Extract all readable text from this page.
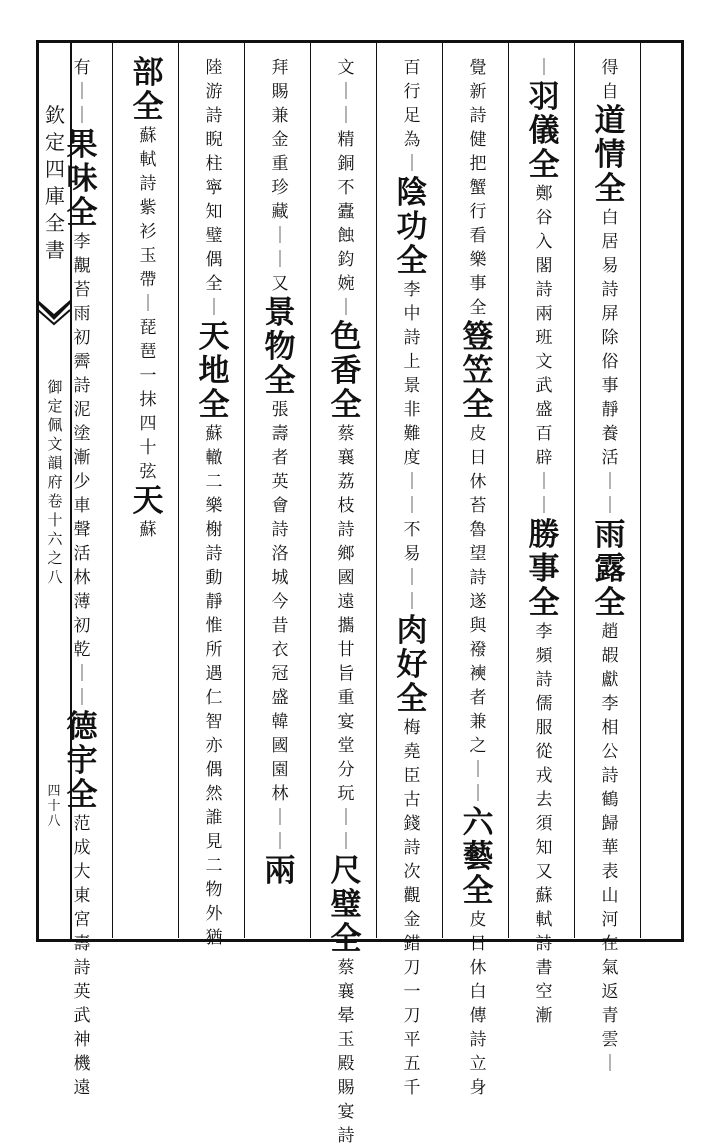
欽定四庫全書
御定佩文韻府卷十六之八
四十八
得自
道情全
白居易詩屏除俗事靜養活
｜｜
雨露全
趙嘏獻李相公詩鶴歸華表山河在氣返青雲
｜
｜
羽儀全
鄭谷入閣詩兩班文武盛百辟
｜｜
勝事全
李頻詩儒服從戎去須知
又蘇軾詩書空漸
覺新詩健把蟹行看樂事全
簦笠全
皮日休苔魯望詩遂與襏襫者兼之
｜｜
六藝全
皮日休白傳詩立身
百行足為
｜
陰功全
李中詩上景非難度
｜｜
不易
｜｜
肉好全
梅堯臣古錢詩次觀金錯刀一刀平五千
文
｜｜
精銅不蠹蝕鈞婉
｜
色香全
蔡襄荔枝詩鄉國遠攜甘旨重宴堂分玩
｜｜
尺璧全
蔡襄晕玉殿賜宴詩
拜賜兼金重珍藏
｜｜
又
景物全
張壽者英會詩洛城今昔衣冠盛韓國園林
｜｜
兩
陸游詩睨柱寧知璧偶全
｜
天地全
蘇轍二樂榭詩動靜惟所遇仁智亦偶然誰見二物外猶
部全
蘇軾詩紫衫玉帶
｜
琵琶一抹四十弦
天
蘇
有
｜｜
果味全
李覯苔雨初霽詩泥塗漸少車聲活林薄初乾
｜｜
德宇全
范成大東宮壽詩英武神機遠
